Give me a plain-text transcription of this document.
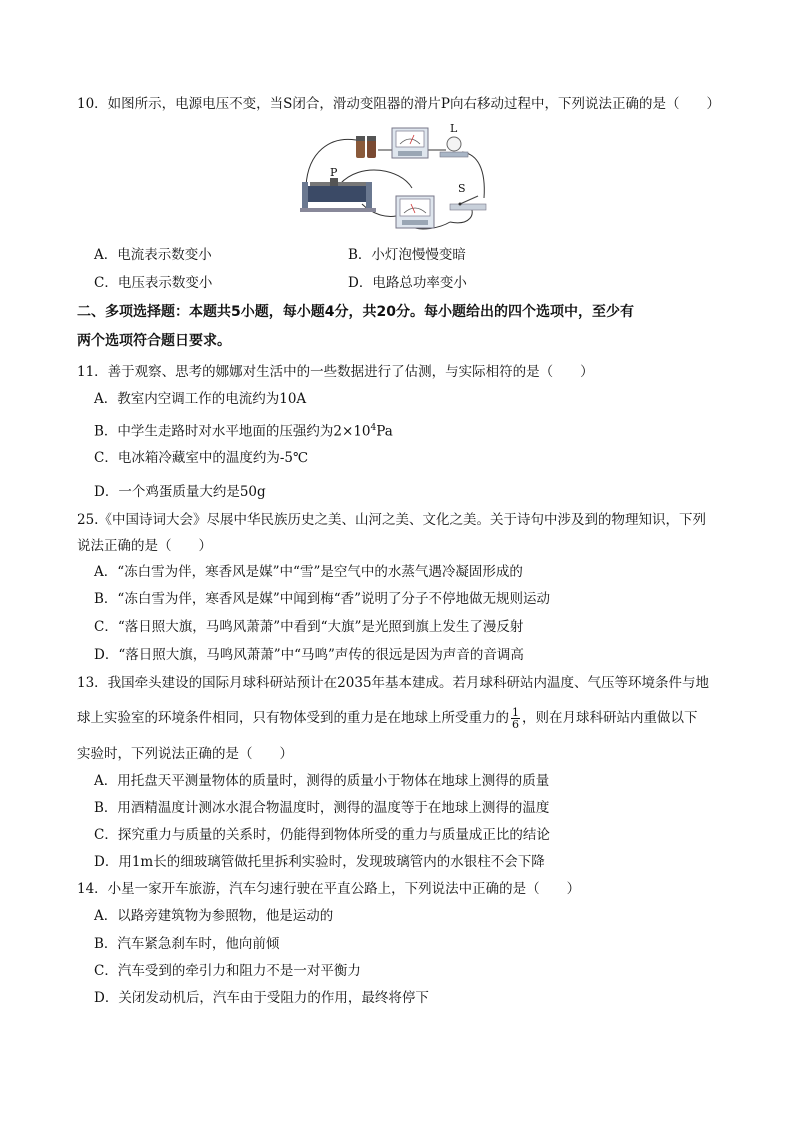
10．如图所示，电源电压不变，当S闭合，滑动变阻器的滑片P向右移动过程中，下列说法正确的是（　　）
L
P
S
A．电流表示数变小	B．小灯泡慢慢变暗
C．电压表示数变小	D．电路总功率变小
二、多项选择题：本题共5小题，每小题4分，共20分。每小题给出的四个选项中，至少有
两个选项符合题日要求。
11．善于观察、思考的娜娜对生活中的一些数据进行了估测，与实际相符的是（　　）
A．教室内空调工作的电流约为10A
B．中学生走路时对水平地面的压强约为$2\times 10^4Pa$
C．电冰箱冷藏室中的温度约为-5℃
D．一个鸡蛋质量大约是50g
25.《中国诗词大会》尽展中华民族历史之美、山河之美、文化之美。关于诗句中涉及到的物理知识，下列
说法正确的是（　　）
A．“冻白雪为伴，寒香风是媒”中“雪”是空气中的水蒸气遇冷凝固形成的
B．“冻白雪为伴，寒香风是媒”中闻到梅“香”说明了分子不停地做无规则运动
C．“落日照大旗，马鸣风萧萧”中看到“大旗”是光照到旗上发生了漫反射
D．“落日照大旗，马鸣风萧萧”中“马鸣”声传的很远是因为声音的音调高
13．我国牵头建设的国际月球科研站预计在2035年基本建成。若月球科研站内温度、气压等环境条件与地
球上实验室的环境条件相同，只有物体受到的重力是在地球上所受重力的 $\frac{1}{6}$ ，则在月球科研站内重做以下
实验时，下列说法正确的是（　　）
A．用托盘天平测量物体的质量时，测得的质量小于物体在地球上测得的质量
B．用酒精温度计测冰水混合物温度时，测得的温度等于在地球上测得的温度
C．探究重力与质量的关系时，仍能得到物体所受的重力与质量成正比的结论
D．用1m长的细玻璃管做托里拆利实验时，发现玻璃管内的水银柱不会下降
14．小星一家开车旅游，汽车匀速行驶在平直公路上，下列说法中正确的是（　　）
A．以路旁建筑物为参照物，他是运动的
B．汽车紧急刹车时，他向前倾
C．汽车受到的牵引力和阻力不是一对平衡力
D．关闭发动机后，汽车由于受阻力的作用，最终将停下
